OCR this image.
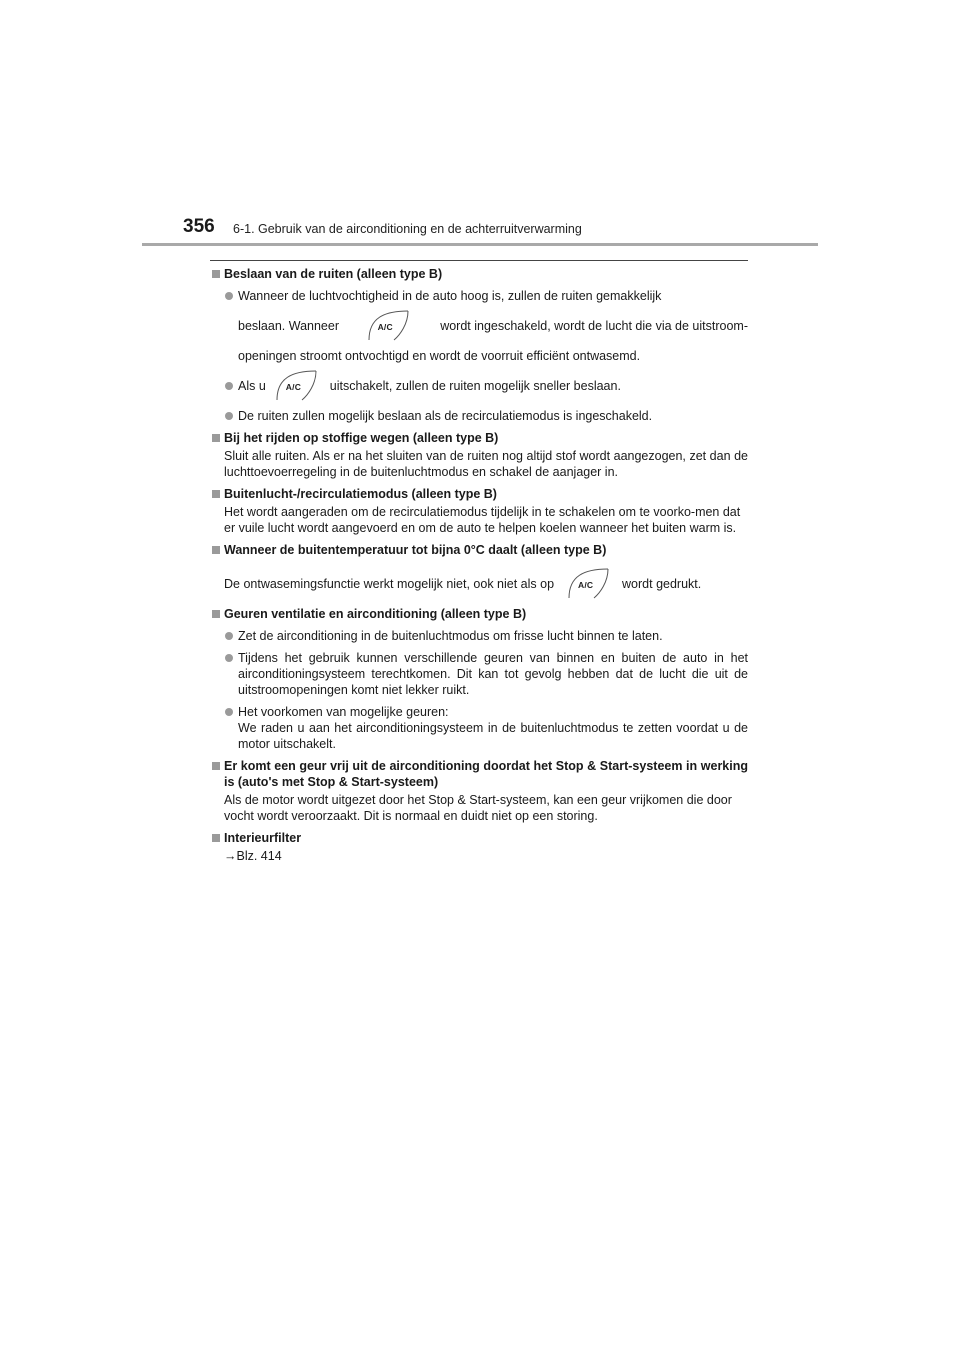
356 6-1. Gebruik van de airconditioning en de achterruitverwarming
Beslaan van de ruiten (alleen type B)
Wanneer de luchtvochtigheid in de auto hoog is, zullen de ruiten gemakkelijk
beslaan. Wanneer	A/C	wordt ingeschakeld, wordt de lucht die via de uitstroom-
openingen stroomt ontvochtigd en wordt de voorruit efficiënt ontwasemd.
Als u A/C uitschakelt, zullen de ruiten mogelijk sneller beslaan.
De ruiten zullen mogelijk beslaan als de recirculatiemodus is ingeschakeld.
Bij het rijden op stoffige wegen (alleen type B)
Sluit alle ruiten. Als er na het sluiten van de ruiten nog altijd stof wordt aangezogen, zet dan de luchttoevoerregeling in de buitenluchtmodus en schakel de aanjager in.
Buitenlucht-/recirculatiemodus (alleen type B)
Het wordt aangeraden om de recirculatiemodus tijdelijk in te schakelen om te voorko-men dat er vuile lucht wordt aangevoerd en om de auto te helpen koelen wanneer het buiten warm is.
Wanneer de buitentemperatuur tot bijna 0°C daalt (alleen type B)
De ontwasemingsfunctie werkt mogelijk niet, ook niet als op	A/C wordt gedrukt.
Geuren ventilatie en airconditioning (alleen type B)
Zet de airconditioning in de buitenluchtmodus om frisse lucht binnen te laten.
Tijdens het gebruik kunnen verschillende geuren van binnen en buiten de auto in het airconditioningsysteem terechtkomen. Dit kan tot gevolg hebben dat de lucht die uit de uitstroomopeningen komt niet lekker ruikt.
Het voorkomen van mogelijke geuren:
We raden u aan het airconditioningsysteem in de buitenluchtmodus te zetten voordat u de motor uitschakelt.
Er komt een geur vrij uit de airconditioning doordat het Stop & Start-systeem in werking is (auto's met Stop & Start-systeem)
Als de motor wordt uitgezet door het Stop & Start-systeem, kan een geur vrijkomen die door vocht wordt veroorzaakt. Dit is normaal en duidt niet op een storing.
Interieurfilter
→Blz. 414
